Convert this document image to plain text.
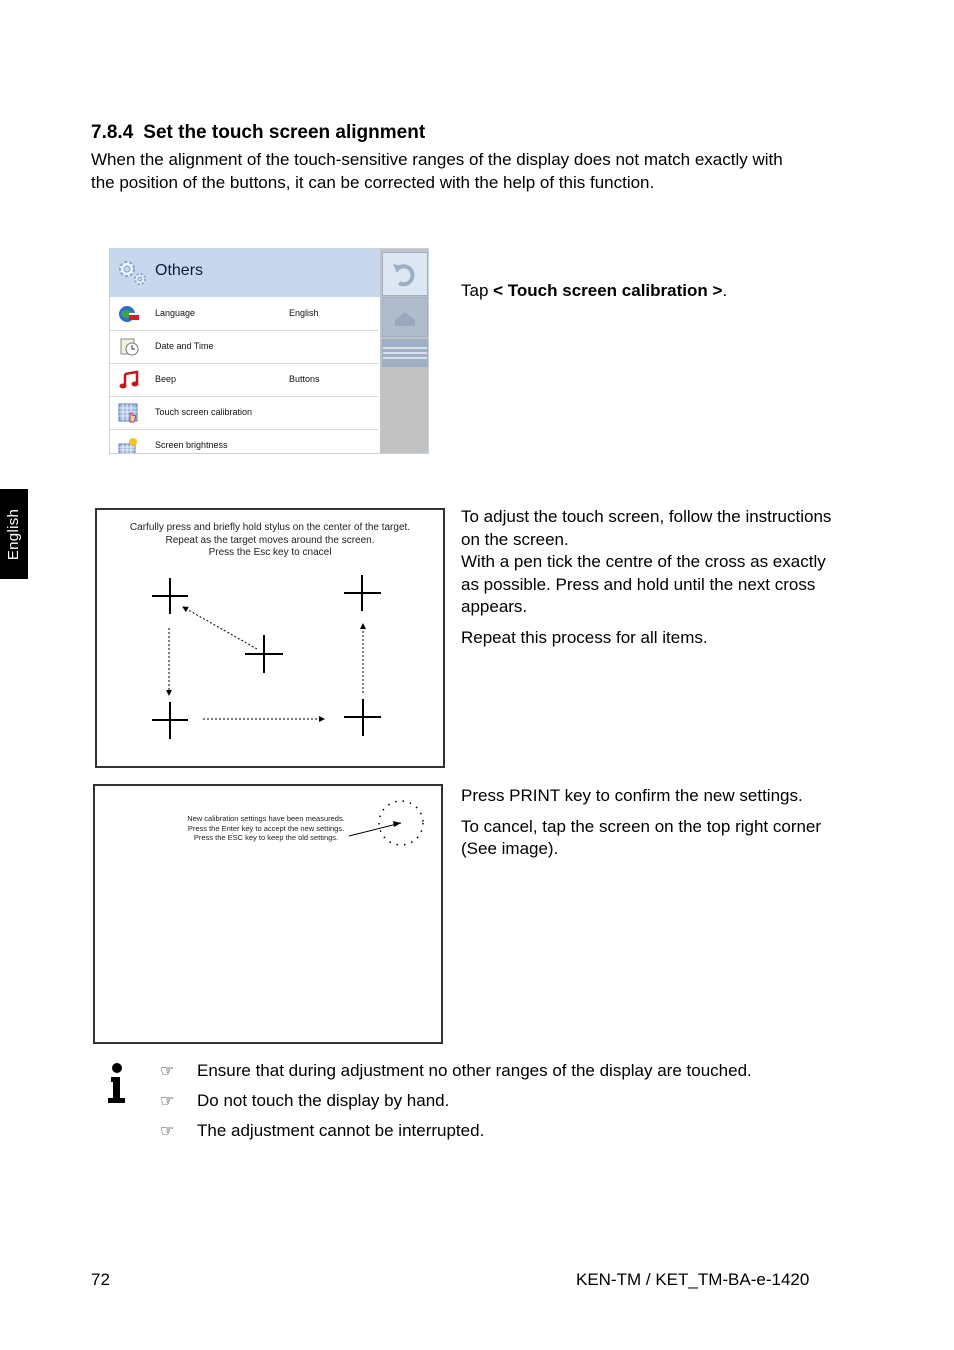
English
7.8.4 Set the touch screen alignment
When the alignment of the touch-sensitive ranges of the display does not match exactly with the position of the buttons, it can be corrected with the help of this function.
Others
Language	English
Date and Time
Beep	Buttons
Touch screen calibration
Screen brightness
Tap < Touch screen calibration >.
Carfully press and briefly hold stylus on the center of the target.
Repeat as the target moves around the screen.
Press the Esc key to cnacel

To adjust the touch screen, follow the instructions on the screen.
With a pen tick the centre of the cross as exactly as possible. Press and hold until the next cross appears.

Repeat this process for all items.

New calibration settings have been measureds.
Press the Enter key to accept the new settings.
Press the ESC key to keep the old settings.

Press PRINT key to confirm the new settings.

To cancel, tap the screen on the top right corner (See image).

☞ Ensure that during adjustment no other ranges of the display are touched.
☞ Do not touch the display by hand.
☞ The adjustment cannot be interrupted.
72	KEN-TM / KET_TM-BA-e-1420
